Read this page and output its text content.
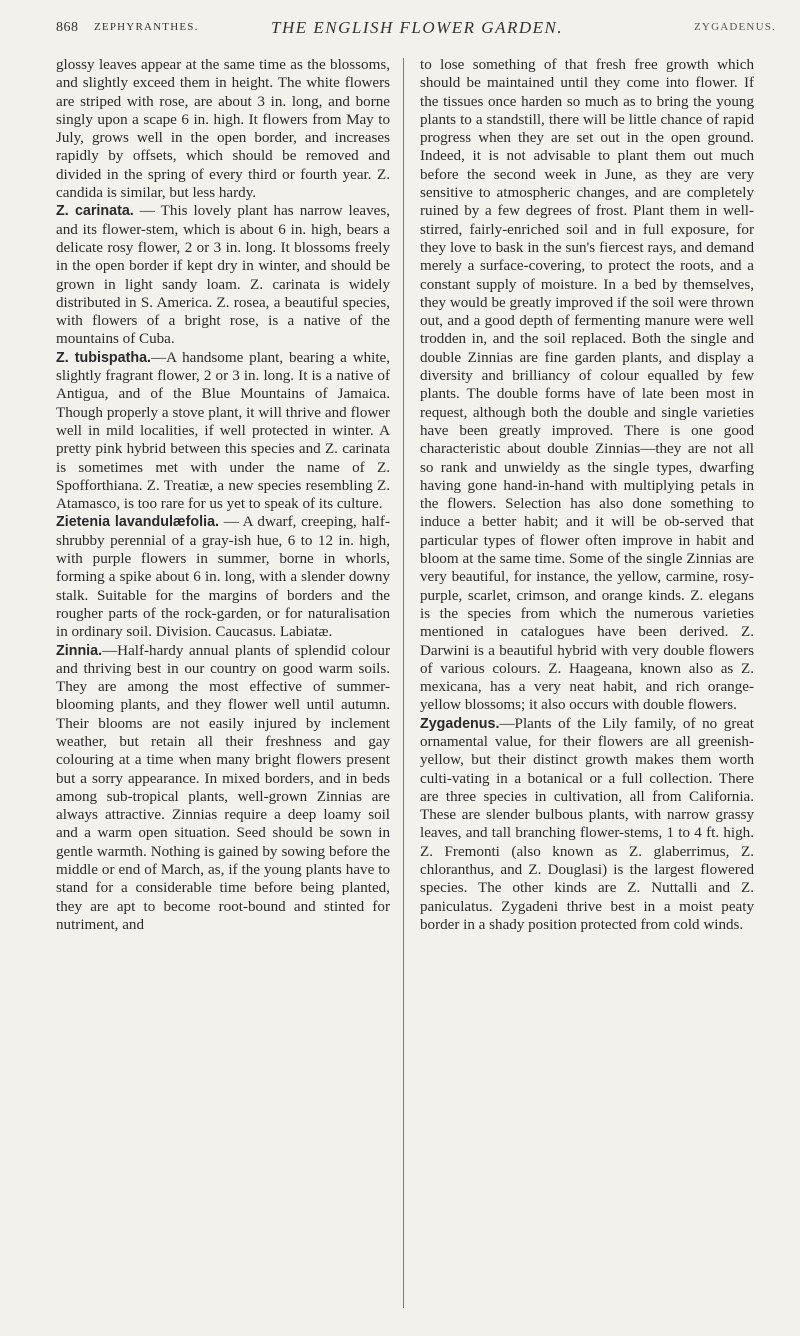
868 ZEPHYRANTHES.	THE ENGLISH FLOWER GARDEN.	ZYGADENUS.

glossy leaves appear at the same time as the blossoms, and slightly exceed them in height. The white flowers are striped with rose, are about 3 in. long, and borne singly upon a scape 6 in. high. It flowers from May to July, grows well in the open border, and increases rapidly by offsets, which should be removed and divided in the spring of every third or fourth year. Z. candida is similar, but less hardy.

Z. carinata. — This lovely plant has narrow leaves, and its flower-stem, which is about 6 in. high, bears a delicate rosy flower, 2 or 3 in. long. It blossoms freely in the open border if kept dry in winter, and should be grown in light sandy loam. Z. carinata is widely distributed in S. America. Z. rosea, a beautiful species, with flowers of a bright rose, is a native of the mountains of Cuba.

Z. tubispatha.—A handsome plant, bearing a white, slightly fragrant flower, 2 or 3 in. long. It is a native of Antigua, and of the Blue Mountains of Jamaica. Though properly a stove plant, it will thrive and flower well in mild localities, if well protected in winter. A pretty pink hybrid between this species and Z. carinata is sometimes met with under the name of Z. Spofforthiana. Z. Treatiæ, a new species resembling Z. Atamasco, is too rare for us yet to speak of its culture.

Zietenia lavandulæfolia. — A dwarf, creeping, half-shrubby perennial of a gray-ish hue, 6 to 12 in. high, with purple flowers in summer, borne in whorls, forming a spike about 6 in. long, with a slender downy stalk. Suitable for the margins of borders and the rougher parts of the rock-garden, or for naturalisation in ordinary soil. Division. Caucasus. Labiatæ.

Zinnia.—Half-hardy annual plants of splendid colour and thriving best in our country on good warm soils. They are among the most effective of summer-blooming plants, and they flower well until autumn. Their blooms are not easily injured by inclement weather, but retain all their freshness and gay colouring at a time when many bright flowers present but a sorry appearance. In mixed borders, and in beds among sub-tropical plants, well-grown Zinnias are always attractive. Zinnias require a deep loamy soil and a warm open situation. Seed should be sown in gentle warmth. Nothing is gained by sowing before the middle or end of March, as, if the young plants have to stand for a considerable time before being planted, they are apt to become root-bound and stinted for nutriment, and

to lose something of that fresh free growth which should be maintained until they come into flower. If the tissues once harden so much as to bring the young plants to a standstill, there will be little chance of rapid progress when they are set out in the open ground. Indeed, it is not advisable to plant them out much before the second week in June, as they are very sensitive to atmospheric changes, and are completely ruined by a few degrees of frost. Plant them in well-stirred, fairly-enriched soil and in full exposure, for they love to bask in the sun's fiercest rays, and demand merely a surface-covering, to protect the roots, and a constant supply of moisture. In a bed by themselves, they would be greatly improved if the soil were thrown out, and a good depth of fermenting manure were well trodden in, and the soil replaced. Both the single and double Zinnias are fine garden plants, and display a diversity and brilliancy of colour equalled by few plants. The double forms have of late been most in request, although both the double and single varieties have been greatly improved. There is one good characteristic about double Zinnias—they are not all so rank and unwieldy as the single types, dwarfing having gone hand-in-hand with multiplying petals in the flowers. Selection has also done something to induce a better habit; and it will be ob-served that particular types of flower often improve in habit and bloom at the same time. Some of the single Zinnias are very beautiful, for instance, the yellow, carmine, rosy-purple, scarlet, crimson, and orange kinds. Z. elegans is the species from which the numerous varieties mentioned in catalogues have been derived. Z. Darwini is a beautiful hybrid with very double flowers of various colours. Z. Haageana, known also as Z. mexicana, has a very neat habit, and rich orange-yellow blossoms; it also occurs with double flowers.

Zygadenus.—Plants of the Lily family, of no great ornamental value, for their flowers are all greenish-yellow, but their distinct growth makes them worth culti-vating in a botanical or a full collection. There are three species in cultivation, all from California. These are slender bulbous plants, with narrow grassy leaves, and tall branching flower-stems, 1 to 4 ft. high. Z. Fremonti (also known as Z. glaberrimus, Z. chloranthus, and Z. Douglasi) is the largest flowered species. The other kinds are Z. Nuttalli and Z. paniculatus. Zygadeni thrive best in a moist peaty border in a shady position protected from cold winds.
